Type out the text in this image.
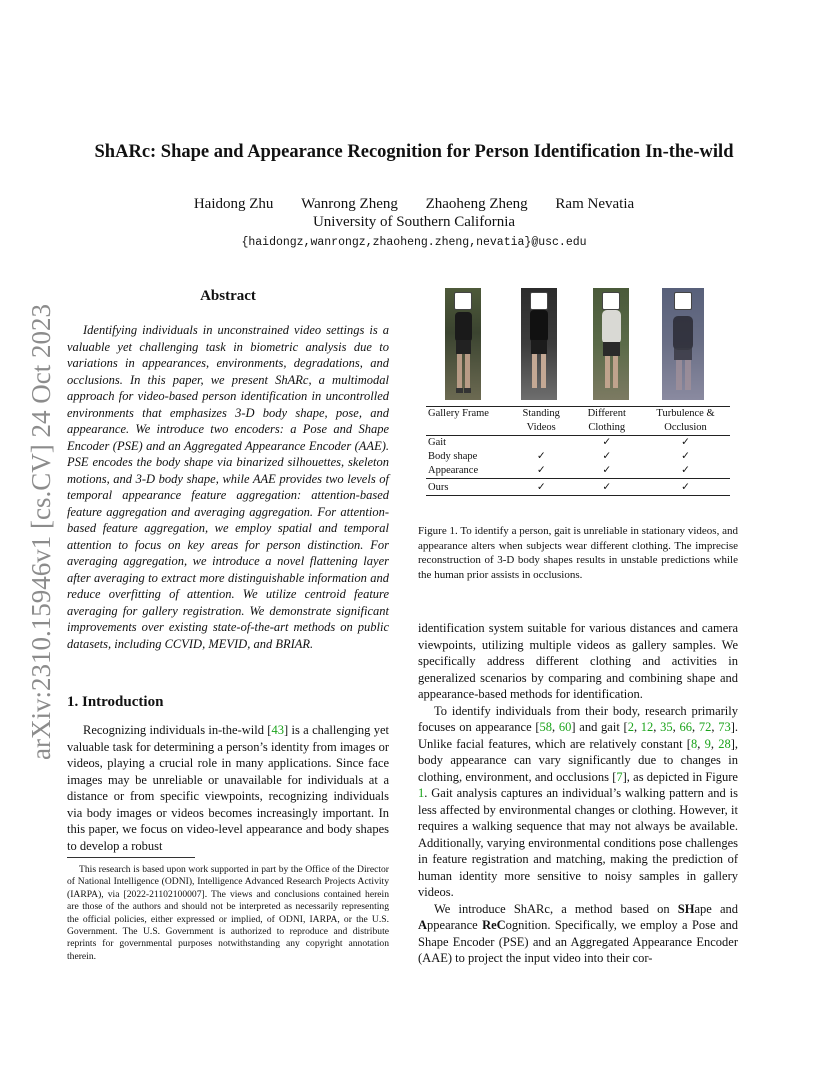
arXiv:2310.15946v1 [cs.CV] 24 Oct 2023
ShARc: Shape and Appearance Recognition for Person Identification In-the-wild
Haidong Zhu Wanrong Zheng Zhaoheng Zheng Ram Nevatia
University of Southern California
{haidongz,wanrongz,zhaoheng.zheng,nevatia}@usc.edu
Abstract

Identifying individuals in unconstrained video settings is a valuable yet challenging task in biometric analysis due to variations in appearances, environments, degradations, and occlusions. In this paper, we present ShARc, a multimodal approach for video-based person identification in uncontrolled environments that emphasizes 3-D body shape, pose, and appearance. We introduce two encoders: a Pose and Shape Encoder (PSE) and an Aggregated Appearance Encoder (AAE). PSE encodes the body shape via binarized silhouettes, skeleton motions, and 3-D body shape, while AAE provides two levels of temporal appearance feature aggregation: attention-based feature aggregation and averaging aggregation. For attention-based feature aggregation, we employ spatial and temporal attention to focus on key areas for person distinction. For averaging aggregation, we introduce a novel flattening layer after averaging to extract more distinguishable information and reduce overfitting of attention. We utilize centroid feature averaging for gallery registration. We demonstrate significant improvements over existing state-of-the-art methods on public datasets, including CCVID, MEVID, and BRIAR.

1. Introduction

Recognizing individuals in-the-wild [43] is a challenging yet valuable task for determining a person’s identity from images or videos, playing a crucial role in many applications. Since face images may be unreliable or unavailable for individuals at a distance or from specific viewpoints, recognizing individuals via body images or videos becomes increasingly important. In this paper, we focus on video-level appearance and body shapes to develop a robust

This research is based upon work supported in part by the Office of the Director of National Intelligence (ODNI), Intelligence Advanced Research Projects Activity (IARPA), via [2022-21102100007]. The views and conclusions contained herein are those of the authors and should not be interpreted as necessarily representing the official policies, either expressed or implied, of ODNI, IARPA, or the U.S. Government. The U.S. Government is authorized to reproduce and distribute reprints for governmental purposes notwithstanding any copyright annotation therein.

Gallery Frame	Standing Videos	Different Clothing	Turbulence & Occlusion
Gait		✓	✓
Body shape	✓	✓	✓
Appearance	✓	✓	✓
Ours	✓	✓	✓
Figure 1. To identify a person, gait is unreliable in stationary videos, and appearance alters when subjects wear different clothing. The imprecise reconstruction of 3-D body shapes results in unstable predictions while the human prior assists in occlusions.

identification system suitable for various distances and camera viewpoints, utilizing multiple videos as gallery samples. We specifically address different clothing and activities in generalized scenarios by comparing and combining shape and appearance-based methods for identification.

To identify individuals from their body, research primarily focuses on appearance [58, 60] and gait [2, 12, 35, 66, 72, 73]. Unlike facial features, which are relatively constant [8, 9, 28], body appearance can vary significantly due to changes in clothing, environment, and occlusions [7], as depicted in Figure 1. Gait analysis captures an individual’s walking pattern and is less affected by environmental changes or clothing. However, it requires a walking sequence that may not always be available. Additionally, varying environmental conditions pose challenges in feature registration and matching, making the prediction of human identity more sensitive to noisy samples in gallery videos.

We introduce ShARc, a method based on SHape and Appearance ReCognition. Specifically, we employ a Pose and Shape Encoder (PSE) and an Aggregated Appearance Encoder (AAE) to project the input video into their cor-
